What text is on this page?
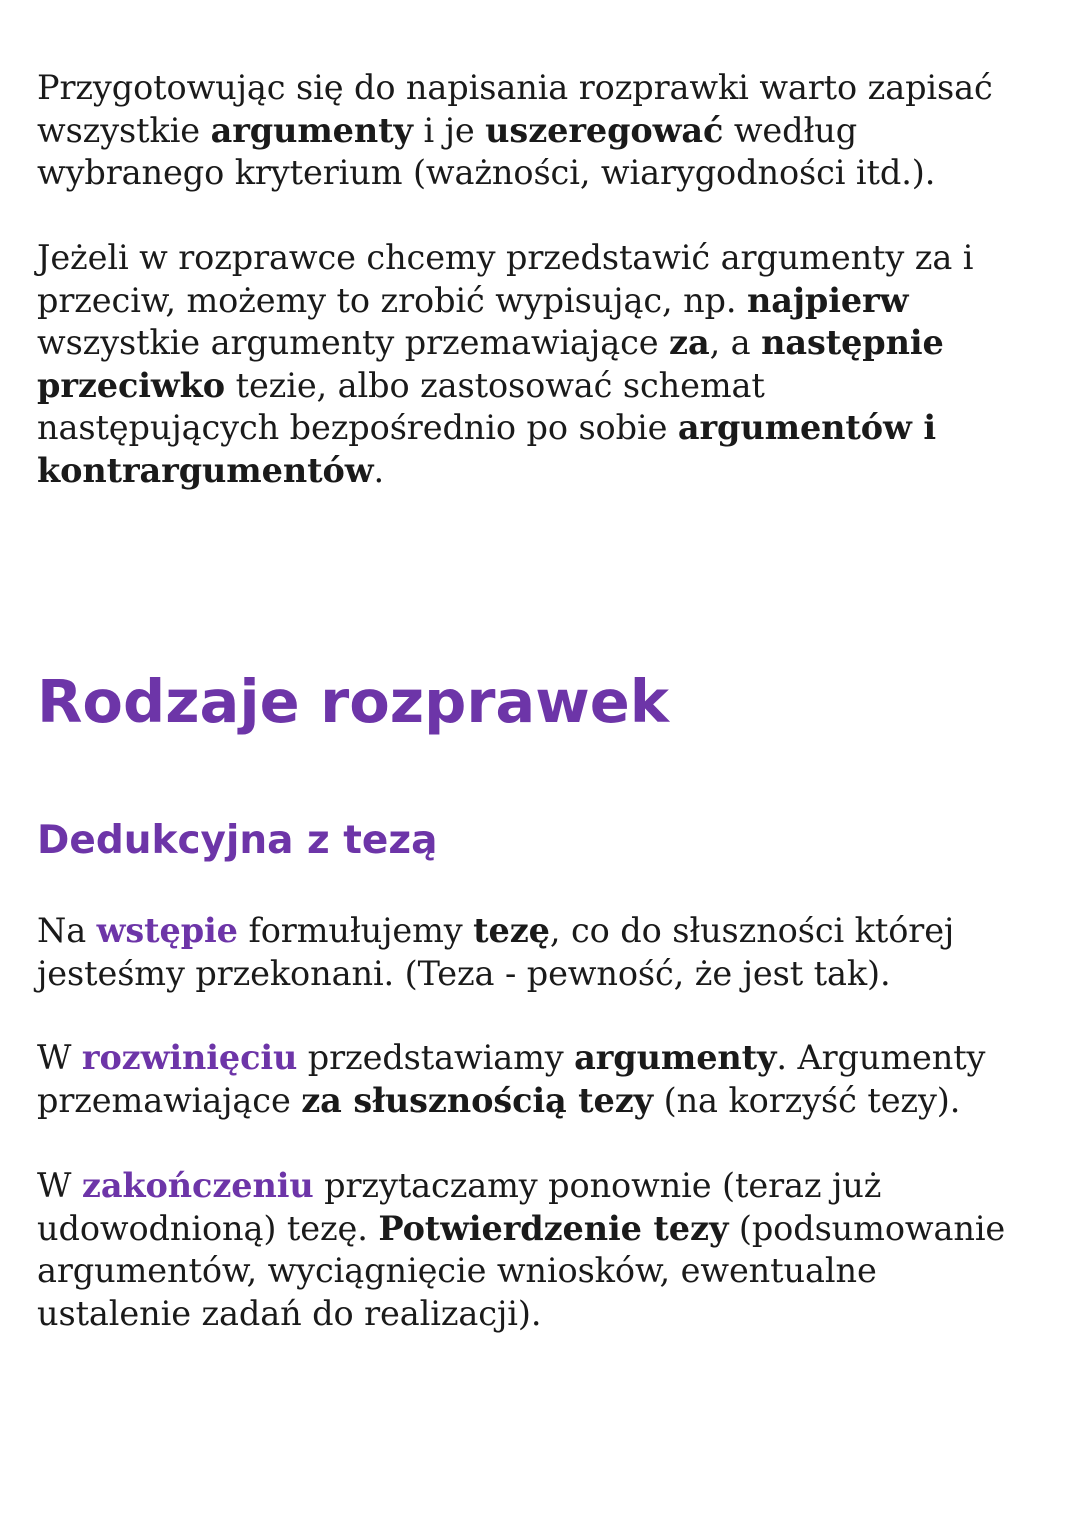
Przygotowując się do napisania rozprawki warto zapisać
wszystkie argumenty i je uszeregować według
wybranego kryterium (ważności, wiarygodności itd.).

Jeżeli w rozprawce chcemy przedstawić argumenty za i
przeciw, możemy to zrobić wypisując, np. najpierw
wszystkie argumenty przemawiające za, a następnie
przeciwko tezie, albo zastosować schemat
następujących bezpośrednio po sobie argumentów i
kontrargumentów.

Rodzaje rozprawek
Dedukcyjna z tezą

Na wstępie formułujemy tezę, co do słuszności której
jesteśmy przekonani. (Teza - pewność, że jest tak).

W rozwinięciu przedstawiamy argumenty. Argumenty
przemawiające za słusznością tezy (na korzyść tezy).

W zakończeniu przytaczamy ponownie (teraz już
udowodnioną) tezę. Potwierdzenie tezy (podsumowanie
argumentów, wyciągnięcie wniosków, ewentualne
ustalenie zadań do realizacji).
